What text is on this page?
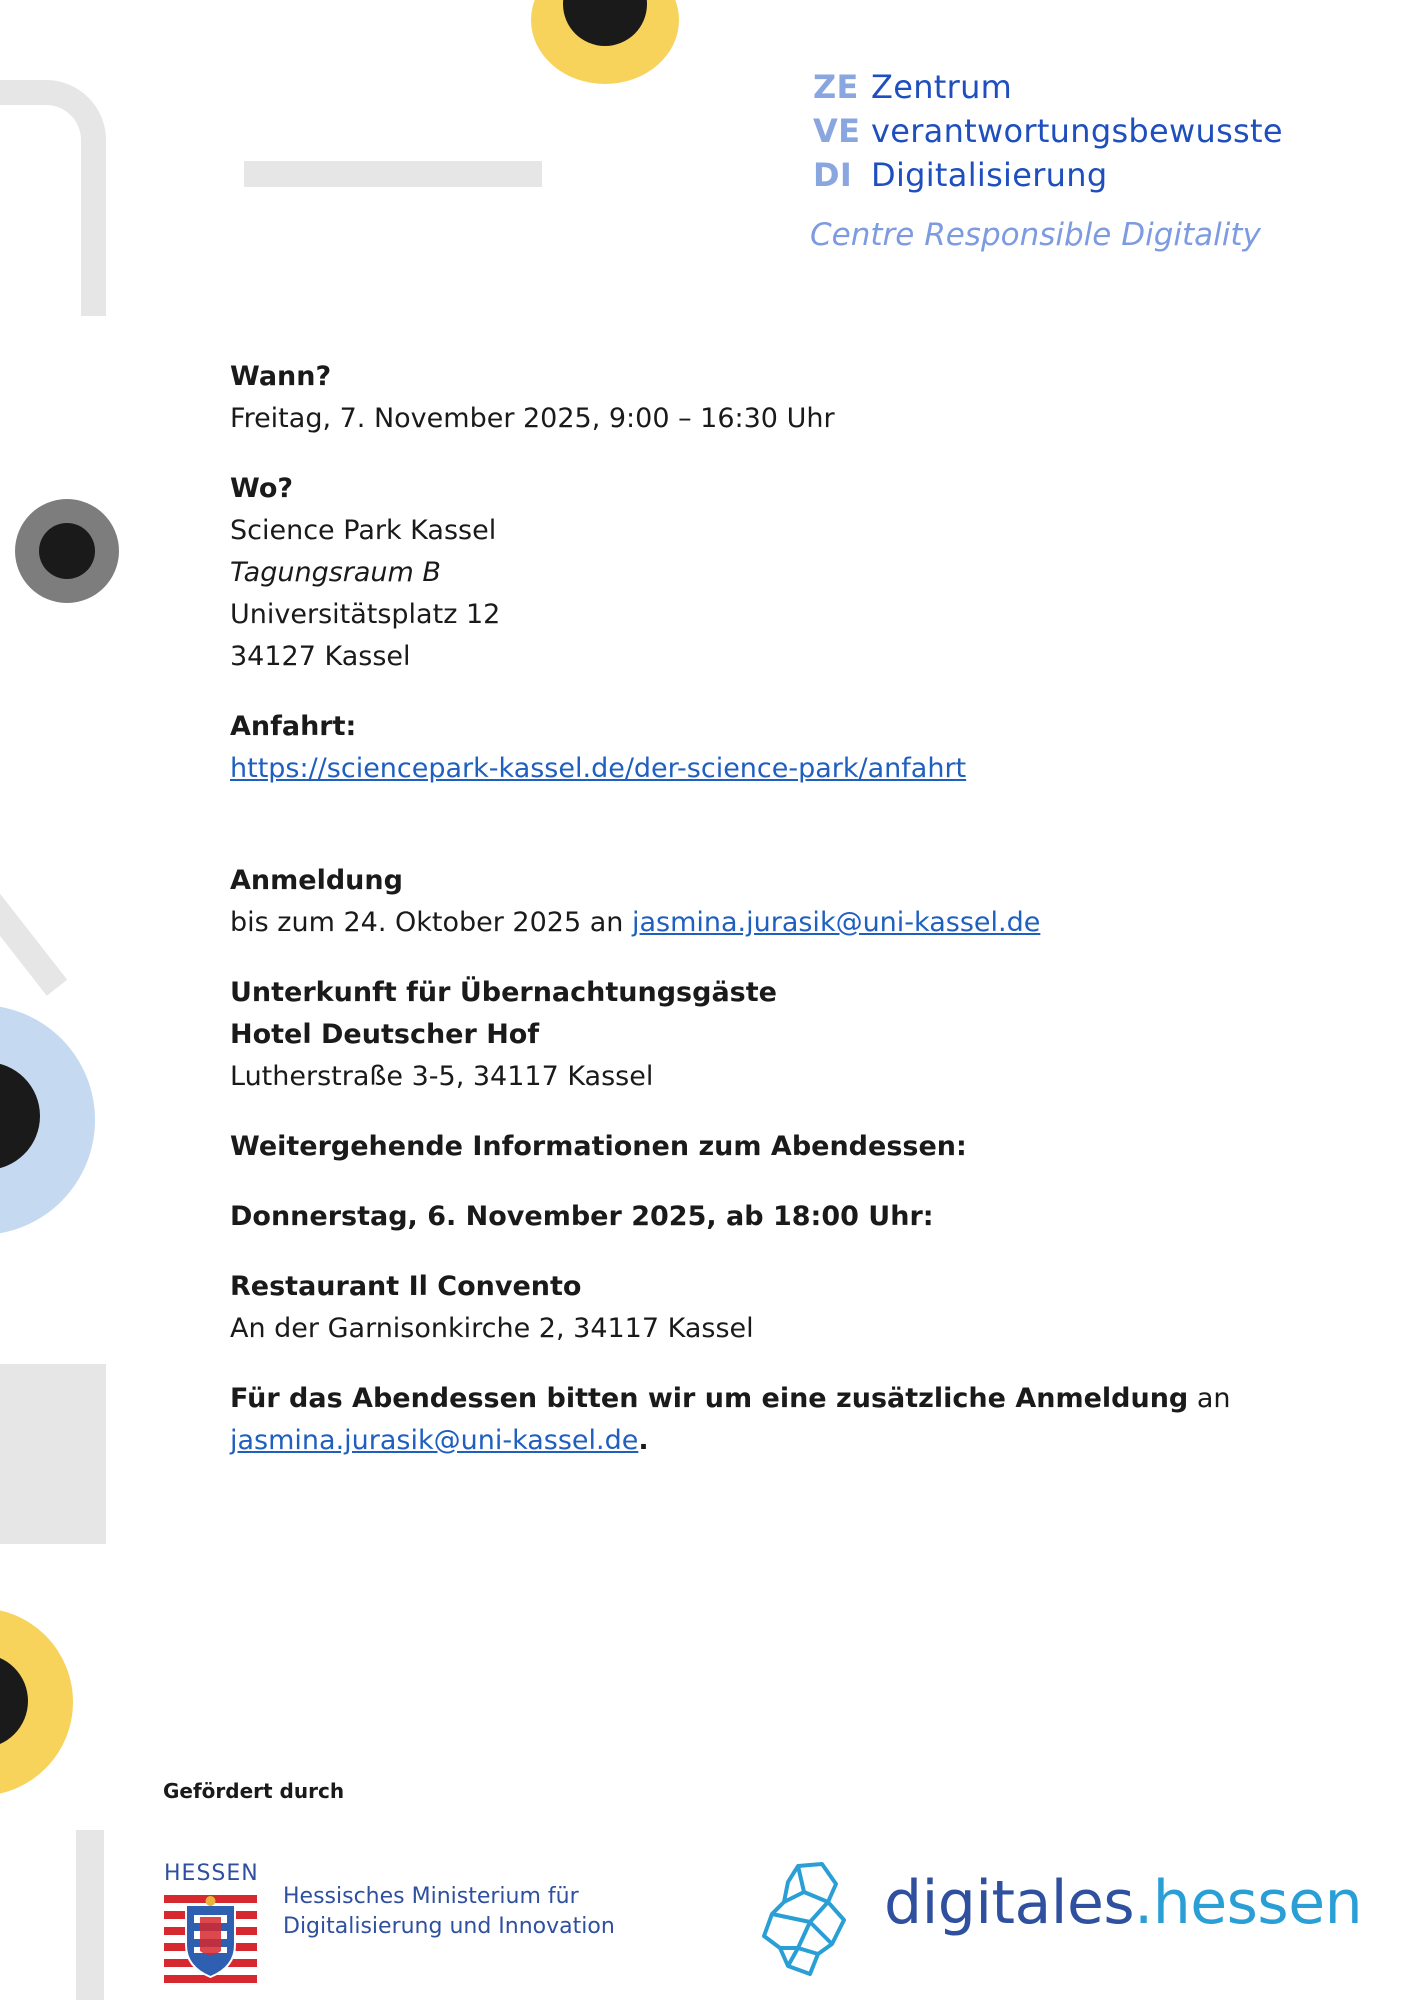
ZE Zentrum
VE verantwortungsbewusste
DI Digitalisierung
Centre Responsible Digitality
Wann?
Freitag, 7. November 2025, 9:00 – 16:30 Uhr
Wo?
Science Park Kassel
Tagungsraum B
Universitätsplatz 12
34127 Kassel
Anfahrt:
https://sciencepark-kassel.de/der-science-park/anfahrt
Anmeldung
bis zum 24. Oktober 2025 an jasmina.jurasik@uni-kassel.de
Unterkunft für Übernachtungsgäste
Hotel Deutscher Hof
Lutherstraße 3-5, 34117 Kassel
Weitergehende Informationen zum Abendessen:
Donnerstag, 6. November 2025, ab 18:00 Uhr:
Restaurant Il Convento
An der Garnisonkirche 2, 34117 Kassel
Für das Abendessen bitten wir um eine zusätzliche Anmeldung an
jasmina.jurasik@uni-kassel.de.
Gefördert durch
HESSEN
Hessisches Ministerium für
Digitalisierung und Innovation	digitales.hessen
